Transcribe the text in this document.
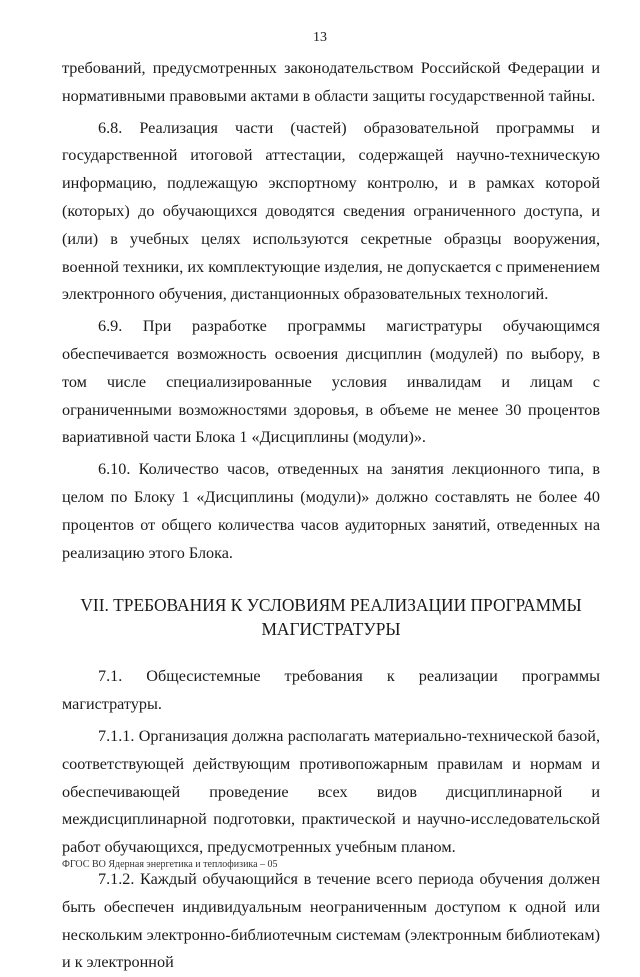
13

требований, предусмотренных законодательством Российской Федерации и нормативными правовыми актами в области защиты государственной тайны.

6.8. Реализация части (частей) образовательной программы и государственной итоговой аттестации, содержащей научно-техническую информацию, подлежащую экспортному контролю, и в рамках которой (которых) до обучающихся доводятся сведения ограниченного доступа, и (или) в учебных целях используются секретные образцы вооружения, военной техники, их комплектующие изделия, не допускается с применением электронного обучения, дистанционных образовательных технологий.

6.9. При разработке программы магистратуры обучающимся обеспечивается возможность освоения дисциплин (модулей) по выбору, в том числе специализированные условия инвалидам и лицам с ограниченными возможностями здоровья, в объеме не менее 30 процентов вариативной части Блока 1 «Дисциплины (модули)».

6.10. Количество часов, отведенных на занятия лекционного типа, в целом по Блоку 1 «Дисциплины (модули)» должно составлять не более 40 процентов от общего количества часов аудиторных занятий, отведенных на реализацию этого Блока.

VII. ТРЕБОВАНИЯ К УСЛОВИЯМ РЕАЛИЗАЦИИ ПРОГРАММЫ
МАГИСТРАТУРЫ

7.1. Общесистемные требования к реализации программы магистратуры.

7.1.1. Организация должна располагать материально-технической базой, соответствующей действующим противопожарным правилам и нормам и обеспечивающей проведение всех видов дисциплинарной и междисциплинарной подготовки, практической и научно-исследовательской работ обучающихся, предусмотренных учебным планом.

7.1.2. Каждый обучающийся в течение всего периода обучения должен быть обеспечен индивидуальным неограниченным доступом к одной или нескольким электронно-библиотечным системам (электронным библиотекам) и к электронной

ФГОС ВО Ядерная энергетика и теплофизика – 05
